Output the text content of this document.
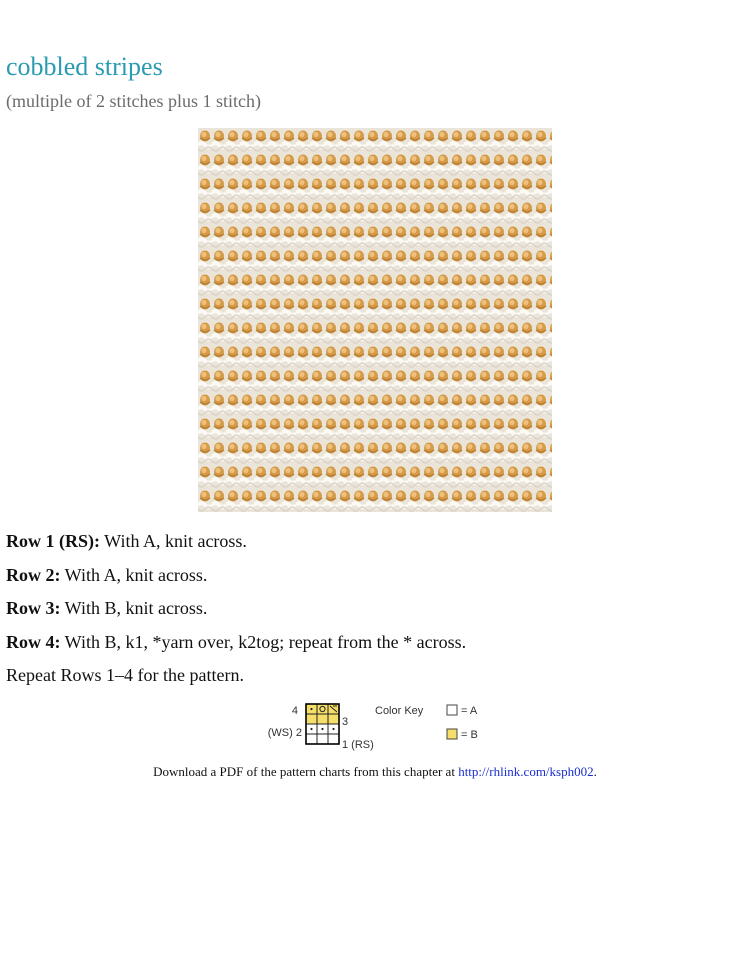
cobbled stripes

(multiple of 2 stitches plus 1 stitch)

Row 1 (RS): With A, knit across.

Row 2: With A, knit across.

Row 3: With B, knit across.

Row 4: With B, k1, *yarn over, k2tog; repeat from the * across.

Repeat Rows 1–4 for the pattern.

4
3
(WS) 2
1 (RS)
Color Key	= A
= B
Download a PDF of the pattern charts from this chapter at http://rhlink.com/ksph002.
